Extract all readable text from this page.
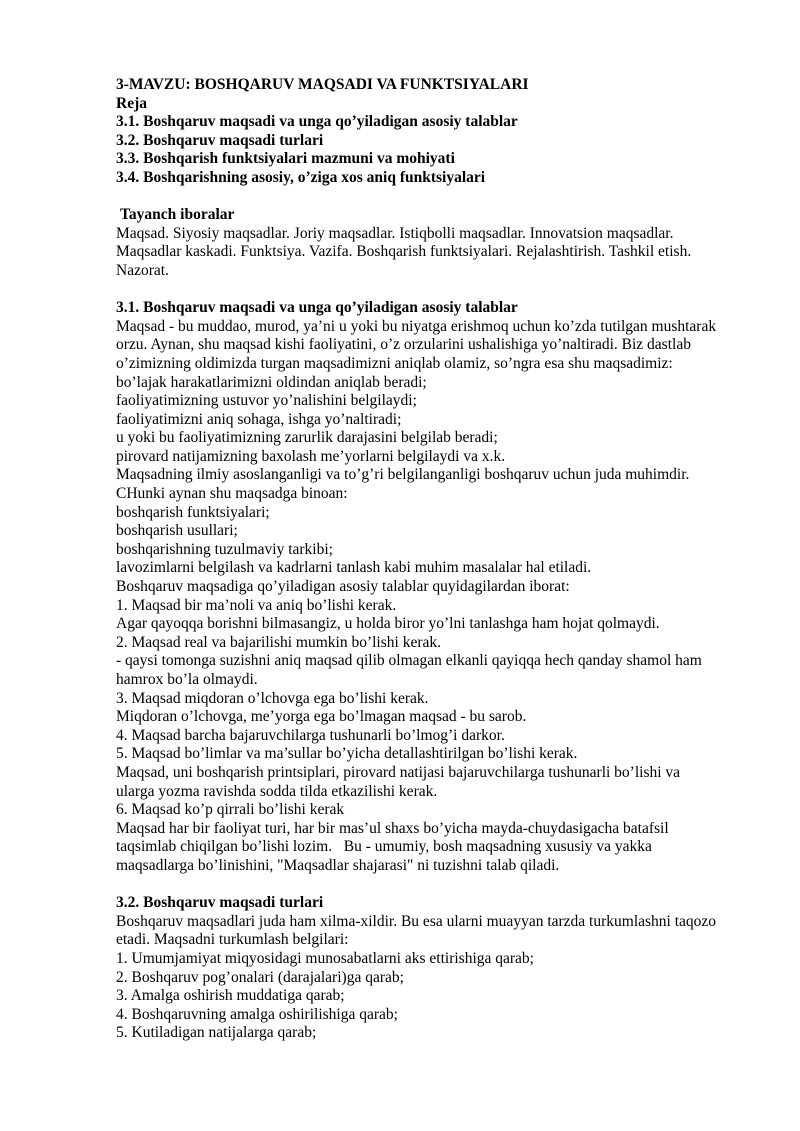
3-MAVZU: BOSHQARUV MAQSADI VA FUNKTSIYALARI
Reja
3.1. Boshqaruv maqsadi va unga qo’yiladigan asosiy talablar
3.2. Boshqaruv maqsadi turlari
3.3. Boshqarish funktsiyalari mazmuni va mohiyati
3.4. Boshqarishning asosiy, o’ziga xos aniq funktsiyalari
Tayanch iboralar
Maqsad. Siyosiy maqsadlar. Joriy maqsadlar. Istiqbolli maqsadlar. Innovatsion maqsadlar.
Maqsadlar kaskadi. Funktsiya. Vazifa. Boshqarish funktsiyalari. Rejalashtirish. Tashkil etish.
Nazorat.
3.1. Boshqaruv maqsadi va unga qo’yiladigan asosiy talablar
Maqsad - bu muddao, murod, ya’ni u yoki bu niyatga erishmoq uchun ko’zda tutilgan mushtarak
orzu. Aynan, shu maqsad kishi faoliyatini, o’z orzularini ushalishiga yo’naltiradi. Biz dastlab
o’zimizning oldimizda turgan maqsadimizni aniqlab olamiz, so’ngra esa shu maqsadimiz:
bo’lajak harakatlarimizni oldindan aniqlab beradi;
faoliyatimizning ustuvor yo’nalishini belgilaydi;
faoliyatimizni aniq sohaga, ishga yo’naltiradi;
u yoki bu faoliyatimizning zarurlik darajasini belgilab beradi;
pirovard natijamizning baxolash me’yorlarni belgilaydi va x.k.
Maqsadning ilmiy asoslanganligi va to’g’ri belgilanganligi boshqaruv uchun juda muhimdir.
CHunki aynan shu maqsadga binoan:
boshqarish funktsiyalari;
boshqarish usullari;
boshqarishning tuzulmaviy tarkibi;
lavozimlarni belgilash va kadrlarni tanlash kabi muhim masalalar hal etiladi.
Boshqaruv maqsadiga qo’yiladigan asosiy talablar quyidagilardan iborat:
1. Maqsad bir ma’noli va aniq bo’lishi kerak.
Agar qayoqqa borishni bilmasangiz, u holda biror yo’lni tanlashga ham hojat qolmaydi.
2. Maqsad real va bajarilishi mumkin bo’lishi kerak.
- qaysi tomonga suzishni aniq maqsad qilib olmagan elkanli qayiqqa hech qanday shamol ham
hamrox bo’la olmaydi.
3. Maqsad miqdoran o’lchovga ega bo’lishi kerak.
Miqdoran o’lchovga, me’yorga ega bo’lmagan maqsad - bu sarob.
4. Maqsad barcha bajaruvchilarga tushunarli bo’lmog’i darkor.
5. Maqsad bo’limlar va ma’sullar bo’yicha detallashtirilgan bo’lishi kerak.
Maqsad, uni boshqarish printsiplari, pirovard natijasi bajaruvchilarga tushunarli bo’lishi va
ularga yozma ravishda sodda tilda etkazilishi kerak.
6. Maqsad ko’p qirrali bo’lishi kerak
Maqsad har bir faoliyat turi, har bir mas’ul shaxs bo’yicha mayda-chuydasigacha batafsil
taqsimlab chiqilgan bo’lishi lozim.   Bu - umumiy, bosh maqsadning xususiy va yakka
maqsadlarga bo’linishini, "Maqsadlar shajarasi" ni tuzishni talab qiladi.
3.2. Boshqaruv maqsadi turlari
Boshqaruv maqsadlari juda ham xilma-xildir. Bu esa ularni muayyan tarzda turkumlashni taqozo
etadi. Maqsadni turkumlash belgilari:
1. Umumjamiyat miqyosidagi munosabatlarni aks ettirishiga qarab;
2. Boshqaruv pog’onalari (darajalari)ga qarab;
3. Amalga oshirish muddatiga qarab;
4. Boshqaruvning amalga oshirilishiga qarab;
5. Kutiladigan natijalarga qarab;
